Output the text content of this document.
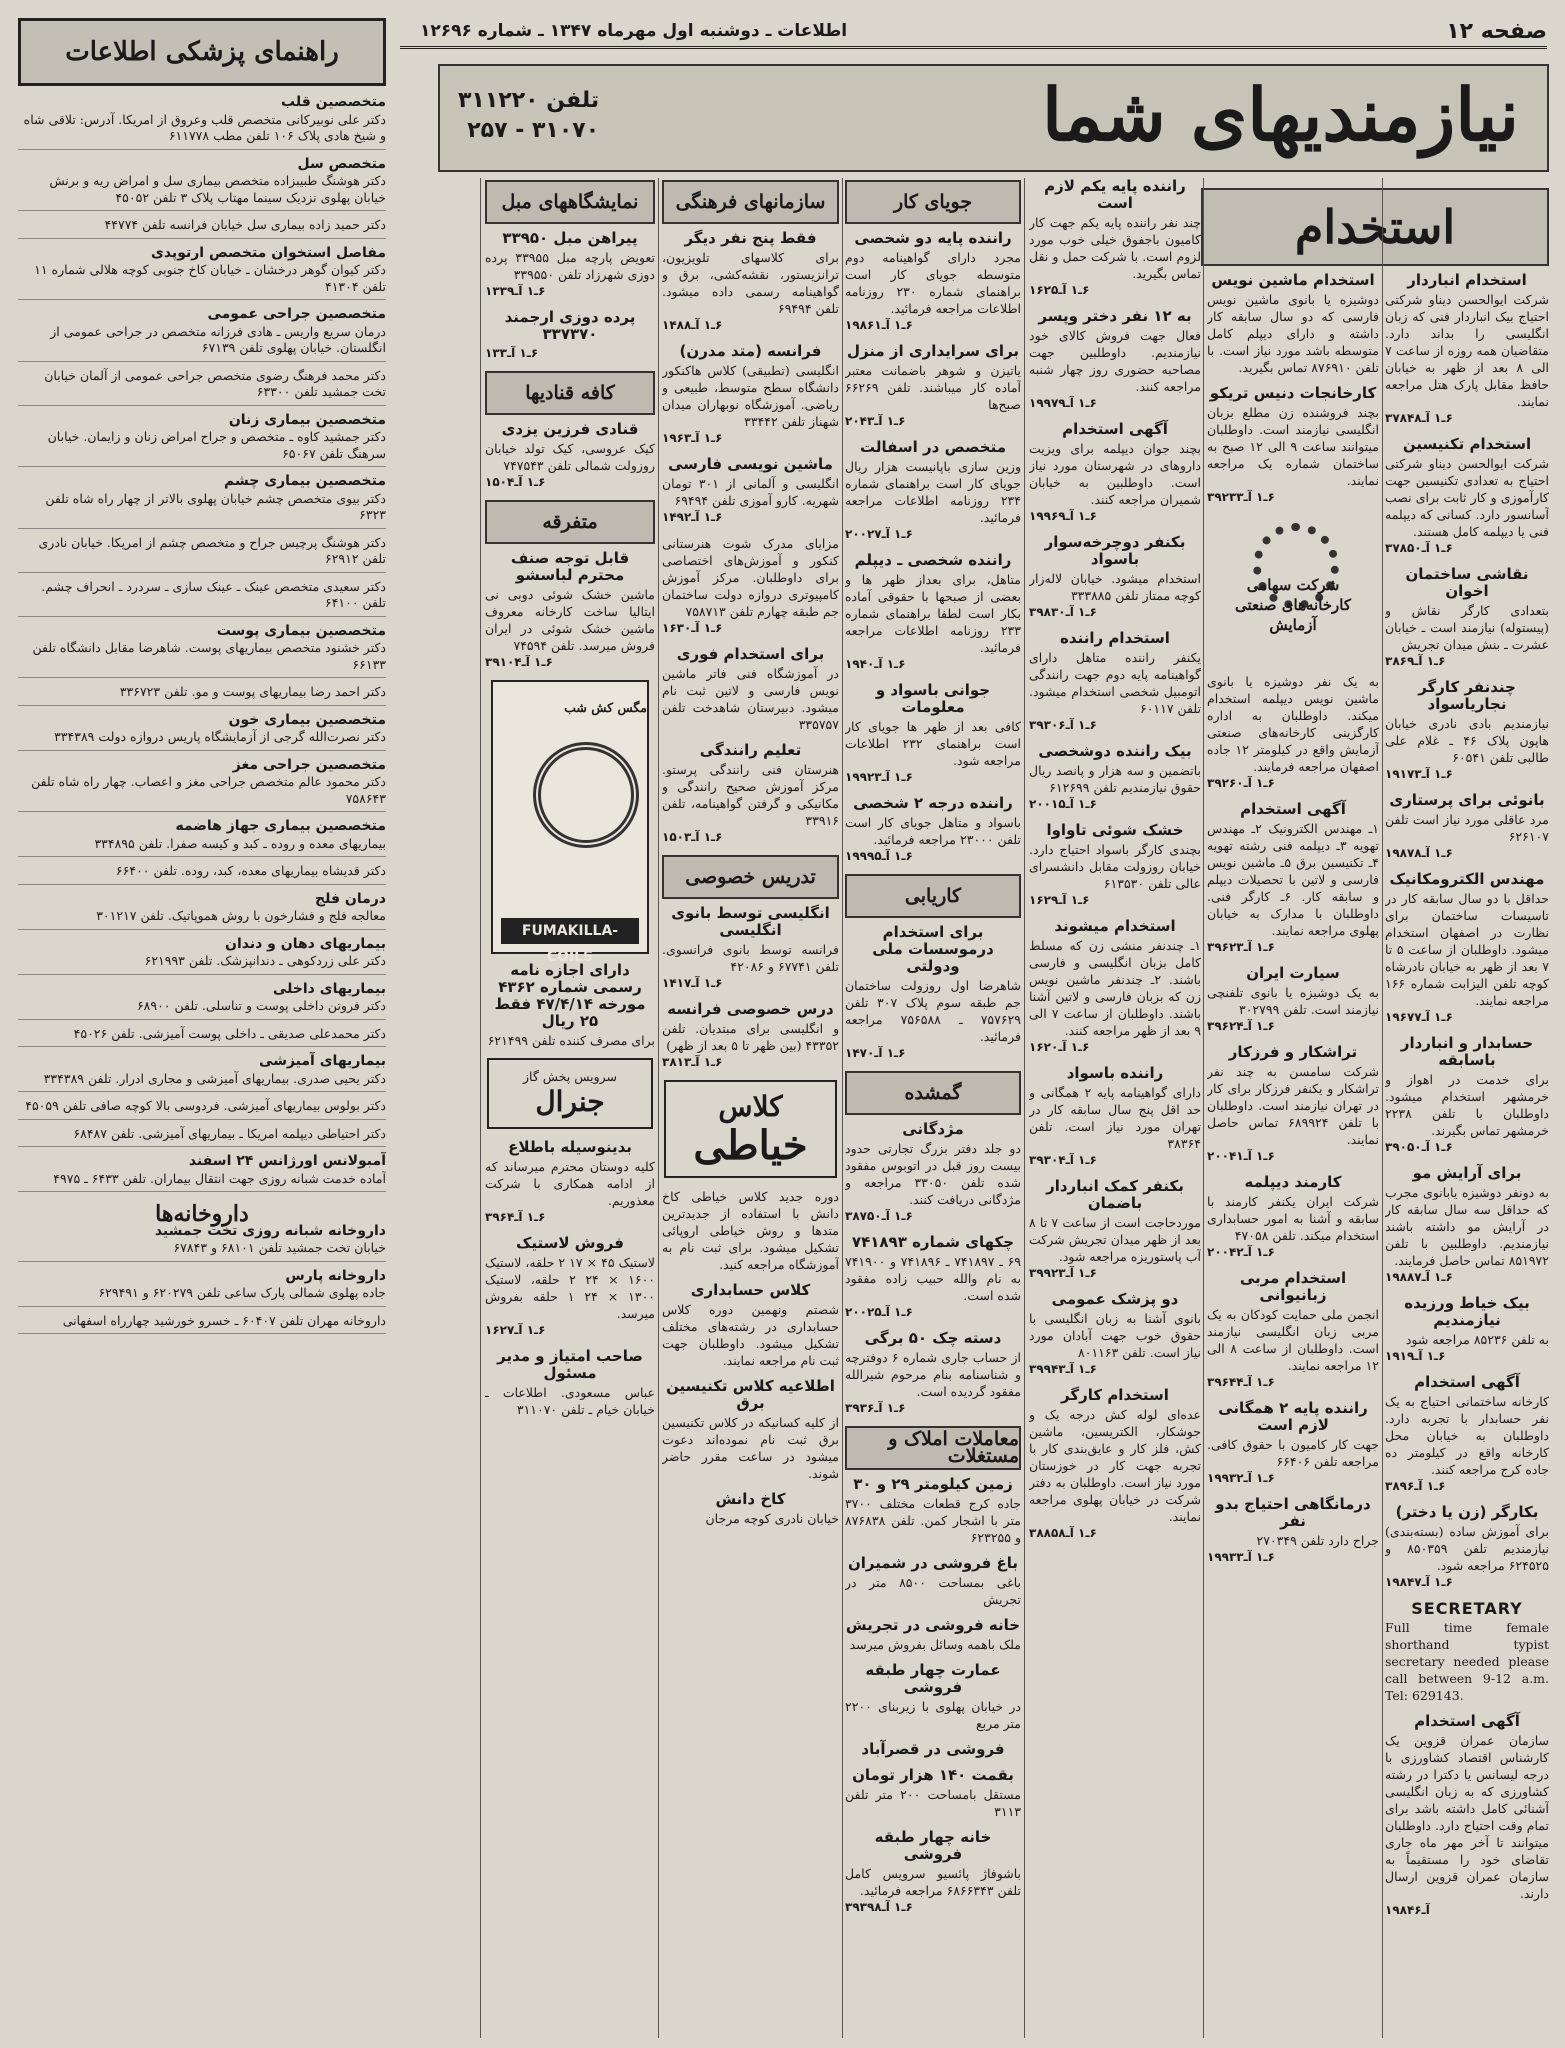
صفحه ۱۲
اطلاعات ـ دوشنبه اول مهرماه ۱۳۴۷ ـ شماره ۱۲۶۹۶
نیازمندیهای شما
تلفن ۳۱۱۲۲۰
۳۱۰۷۰ - ۲۵۷
استخدام
استخدام انباردار

شرکت ایوالحسن دیناو شرکتی احتیاج بیک انباردار فنی که زبان انگلیسی را بداند دارد. متقاضیان همه روزه از ساعت ۷ الی ۸ بعد از ظهر به خیابان حافظ مقابل پارک هتل مراجعه نمایند.

۶ـ۱ آـ۳۷۸۴۸
استخدام تکنیسین

شرکت ایوالحسن دیناو شرکتی احتیاج به تعدادی تکنیسین جهت کارآموزی و کار ثابت برای نصب آسانسور دارد. کسانی که دیپلمه فنی یا دیپلمه کامل هستند.

۶ـ۱ آـ۳۷۸۵۰
نقاشی ساختمان اخوان

بتعدادی کارگر نقاش و (پیستوله) نیازمند است ـ خیابان عشرت ـ بنش میدان تجریش

۶ـ۱ آـ۳۸۶۹
چندنفر کارگر نجاریاسواد

نیازمندیم بادی نادری خیابان هاپون پلاک ۴۶ ـ غلام علی طالبی تلفن ۶۰۵۴۱

۶ـ۱ آـ۱۹۱۷۳
بانوئی برای پرستاری

مرد عاقلی مورد نیاز است تلفن ۶۲۶۱۰۷

۶ـ۱ آـ۱۹۸۷۸
مهندس الکترومکانیک

حداقل با دو سال سابقه کار در تاسیسات ساختمان برای نظارت در اصفهان استخدام میشود. داوطلبان از ساعت ۵ تا ۷ بعد از ظهر به خیابان نادرشاه کوچه تلفن الیزابت شماره ۱۶۶ مراجعه نمایند.

۶ـ۱ آـ۱۹۶۷۷
حسابدار و انباردار باسابقه

برای خدمت در اهواز و خرمشهر استخدام میشود. داوطلبان با تلفن ۲۲۳۸ خرمشهر تماس بگیرند.

۶ـ۱ آـ۳۹۰۵۰
برای آرایش مو

به دونفر دوشیزه یابانوی مجرب که حداقل سه سال سابقه کار در آرایش مو داشته باشند نیازمندیم. داوطلبین با تلفن ۸۵۱۹۷۲ تماس حاصل فرمایند.

۶ـ۱ آـ۱۹۸۸۷
بیک خیاط ورزیده نیازمندیم

به تلفن ۸۵۲۳۶ مراجعه شود

۶ـ۱ آـ۱۹۱۹
آگهی استخدام

کارخانه ساختمانی احتیاج به یک نفر حسابدار با تجربه دارد. داوطلبان به خیابان محل کارخانه واقع در کیلومتر ده جاده کرج مراجعه کنند.

۶ـ۱ آـ۳۸۹۶
بکارگر (زن یا دختر)

برای آموزش ساده (بسته‌بندی) نیازمندیم تلفن ۸۵۰۳۵۹ و ۶۲۴۵۲۵ مراجعه شود.

۶ـ۱ آـ۱۹۸۴۷
SECRETARY

Full time female shorthand typist secretary needed please call between 9-12 a.m. Tel: 629143.

آگهی استخدام

سازمان عمران قزوین یک کارشناس اقتصاد کشاورزی با درجه لیسانس یا دکترا در رشته کشاورزی که به زبان انگلیسی آشنائی کامل داشته باشد برای تمام وقت احتیاج دارد. داوطلبان میتوانند تا آخر مهر ماه جاری تقاضای خود را مستقیماً به سازمان عمران قزوین ارسال دارند.

آـ۱۹۸۴۶
استخدام ماشین نویس

دوشیزه یا بانوی ماشین نویس فارسی که دو سال سابقه کار داشته و دارای دیپلم کامل متوسطه باشد مورد نیاز است. با تلفن ۸۷۶۹۱۰ تماس بگیرید.

کارخانجات دنیس تریکو

بچند فروشنده زن مطلع بزبان انگلیسی نیازمند است. داوطلبان میتوانند ساعت ۹ الی ۱۲ صبح به ساختمان شماره یک مراجعه نمایند.

۶ـ۱ آـ۳۹۲۳۳
شرکت سهامی کارخانه‌های صنعتی آزمایش

به یک نفر دوشیزه یا بانوی ماشین نویس دیپلمه استخدام میکند. داوطلبان به اداره کارگزینی کارخانه‌های صنعتی آزمایش واقع در کیلومتر ۱۲ جاده اصفهان مراجعه فرمایند.

۶ـ۱ آـ۳۹۲۶۰
آگهی استخدام

۱ـ مهندس الکترونیک ۲ـ مهندس تهویه ۳ـ دیپلمه فنی رشته تهویه ۴ـ تکنیسین برق ۵ـ ماشین نویس فارسی و لاتین با تحصیلات دیپلم و سابقه کار. ۶ـ کارگر فنی. داوطلبان با مدارک به خیابان پهلوی مراجعه نمایند.

۶ـ۱ آـ۳۹۶۲۳
سیارت ایران

به یک دوشیزه یا بانوی تلفنچی نیازمند است. تلفن ۳۰۲۷۹۹

۶ـ۱ آـ۳۹۶۲۴
تراشکار و فرزکار

شرکت سامسن به چند نفر تراشکار و یکنفر فرزکار برای کار در تهران نیازمند است. داوطلبان با تلفن ۶۸۹۹۲۴ تماس حاصل نمایند.

۶ـ۱ آـ۲۰۰۴۱
کارمند دیپلمه

شرکت ایران یکنفر کارمند با سابقه و آشنا به امور حسابداری استخدام میکند. تلفن ۴۷۰۵۸

۶ـ۱ آـ۲۰۰۴۲
استخدام مربی زبانیوانی

انجمن ملی حمایت کودکان به یک مربی زبان انگلیسی نیازمند است. داوطلبان از ساعت ۸ الی ۱۲ مراجعه نمایند.

۶ـ۱ آـ۳۹۶۴۴
راننده پایه ۲ همگانی لازم است

جهت کار کامیون با حقوق کافی. مراجعه تلفن ۶۶۴۰۶

۶ـ۱ آـ۱۹۹۳۲
درمانگاهی احتیاج بدو نفر

جراح دارد تلفن ۲۷۰۳۴۹

۶ـ۱ آـ۱۹۹۳۳
راننده پایه یکم لازم است

چند نفر راننده پایه یکم جهت کار کامیون باجفوق خیلی خوب مورد لزوم است. با شرکت حمل و نقل تماس بگیرید.

۶ـ۱ آـ۱۶۲۵
به ۱۲ نفر دختر وپسر

فعال جهت فروش کالای خود نیازمندیم. داوطلبین جهت مصاحبه حضوری روز چهار شنبه مراجعه کنند.

۶ـ۱ آـ۱۹۹۷۹
آگهی استخدام

بچند جوان دیپلمه برای ویزیت داروهای در شهرستان مورد نیاز است. داوطلبین به خیابان شمیران مراجعه کنند.

۶ـ۱ آـ۱۹۹۶۹
بکنفر دوچرخه‌سوار باسواد

استخدام میشود. خیابان لاله‌زار کوچه ممتاز تلفن ۳۳۳۸۸۵

۶ـ۱ آـ۳۹۸۳۰
استخدام راننده

یکنفر راننده متاهل دارای گواهینامه پایه دوم جهت رانندگی اتومبیل شخصی استخدام میشود. تلفن ۶۰۱۱۷

۶ـ۱ آـ۳۹۳۰۶
بیک راننده دوشخصی

باتضمین و سه هزار و پانصد ریال حقوق نیازمندیم تلفن ۶۱۲۶۹۹

۶ـ۱ آـ۲۰۰۱۵
خشک شوئی تاواوا

بچندی کارگر باسواد احتیاج دارد. خیابان روزولت مقابل دانشسرای عالی تلفن ۶۱۳۵۳۰

۶ـ۱ آـ۱۶۲۹
استخدام میشوند

۱ـ چندنفر منشی زن که مسلط کامل بزبان انگلیسی و فارسی باشند. ۲ـ چندنفر ماشین نویس زن که بزبان فارسی و لاتین آشنا باشند. داوطلبان از ساعت ۷ الی ۹ بعد از ظهر مراجعه کنند.

۶ـ۱ آـ۱۶۲۰
راننده باسواد

دارای گواهینامه پایه ۲ همگانی و حد اقل پنج سال سابقه کار در تهران مورد نیاز است. تلفن ۳۸۳۶۴

۶ـ۱ آـ۳۹۳۰۴
بکنفر کمک انباردار باضمان

موردحاجت است از ساعت ۷ تا ۸ بعد از ظهر میدان تجریش شرکت آب پاستوریزه مراجعه شود.

۶ـ۱ آـ۳۹۹۲۳
دو پزشک عمومی

بانوی آشنا به زبان انگلیسی با حقوق خوب جهت آبادان مورد نیاز است. تلفن ۸۰۱۱۶۳

۶ـ۱ آـ۳۹۹۴۳
استخدام کارگر

عده‌ای لوله کش درجه یک و جوشکار، الکتریسین، ماشین کش، فلز کار و عایق‌بندی کار با تجربه جهت کار در خوزستان مورد نیاز است. داوطلبان به دفتر شرکت در خیابان پهلوی مراجعه نمایند.

۶ـ۱ آـ۳۸۸۵۸
جویای کار
راننده پایه دو شخصی

مجرد دارای گواهینامه دوم متوسطه جویای کار است براهنمای شماره ۲۳۰ روزنامه اطلاعات مراجعه فرمائید.

۶ـ۱ آـ۱۹۸۶۱
برای سرایداری از منزل

یاتیزن و شوهر باضمانت معتبر آماده کار میباشند. تلفن ۶۶۲۶۹ صبح‌ها

۶ـ۱ آـ۲۰۴۳
متخصص در اسفالت

وزین سازی باپانیست هزار ریال جویای کار است براهنمای شماره ۲۳۴ روزنامه اطلاعات مراجعه فرمائید.

۶ـ۱ آـ۲۰۰۲۷
راننده شخصی ـ دیپلم

متاهل، برای بعداز ظهر ها و بعضی از صبحها با حقوقی آماده بکار است لطفا براهنمای شماره ۲۳۳ روزنامه اطلاعات مراجعه فرمائید.

۶ـ۱ آـ۱۹۴۰
جوانی باسواد و معلومات

کافی بعد از ظهر ها جویای کار است براهنمای ۲۳۲ اطلاعات مراجعه شود.

۶ـ۱ آـ۱۹۹۲۳
راننده درجه ۲ شخصی

باسواد و متاهل جویای کار است تلفن ۲۳۰۰۰ مراجعه فرمائید.

۶ـ۱ آـ۱۹۹۹۵
کاریابی
برای استخدام درموسسات ملی ودولتی

شاهرضا اول روزولت ساختمان جم طبقه سوم پلاک ۳۰۷ تلفن ۷۵۷۶۲۹ ـ ۷۵۶۵۸۸ مراجعه فرمائید.

۶ـ۱ آـ۱۴۷۰
گمشده
مژدگانی

دو جلد دفتر بزرگ تجارتی حدود بیست روز قبل در اتوبوس مفقود شده تلفن ۳۳۰۵۰ مراجعه و مژدگانی دریافت کنند.

۶ـ۱ آـ۳۸۷۵۰
چکهای شماره ۷۴۱۸۹۳

۶۹ ـ ۷۴۱۸۹۷ ـ ۷۴۱۸۹۶ و ۷۴۱۹۰۰ به نام والله حبیب زاده مفقود شده است.

۶ـ۱ آـ۲۰۰۲۵
دسته چک ۵۰ برگی

از حساب جاری شماره ۶ دوفترچه و شناسنامه بنام مرحوم شیرالله مفقود گردیده است.

۶ـ۱ آـ۳۹۳۶
معاملات املاک و مستغلات
زمین کیلومتر ۲۹ و ۳۰

جاده کرج قطعات مختلف ۳۷۰۰ متر با اشجار کمن. تلفن ۸۷۶۸۳۸ و ۶۲۳۲۵۵

باغ فروشی در شمیران

باغی بمساحت ۸۵۰۰ متر در تجریش

خانه فروشی در تجریش

ملک باهمه وسائل بفروش میرسد

عمارت چهار طبقه فروشی

در خیابان پهلوی با زیربنای ۲۲۰۰ متر مربع

فروشی در قصرآباد
بقمت ۱۴۰ هزار تومان

مستقل بامساحت ۲۰۰ متر تلفن ۳۱۱۳

خانه چهار طبقه فروشی

باشوفاژ پائسیو سرویس کامل تلفن ۶۸۶۶۳۴۳ مراجعه فرمائید.

۶ـ۱ آـ۳۹۳۹۸
سازمانهای فرهنگی
فقط پنج نفر دیگر

برای کلاسهای تلویزیون، ترانزیستور، نقشه‌کشی، برق و گواهینامه رسمی داده میشود. تلفن ۶۹۴۹۴

۶ـ۱ آـ۱۴۸۸
فرانسه (متد مدرن)

انگلیسی (تطبیقی) کلاس هاکنکور دانشگاه سطح متوسط، طبیعی و ریاضی. آموزشگاه نوبهاران میدان شهناز تلفن ۳۳۴۴۲

۶ـ۱ آـ۱۹۶۳
ماشین نویسی فارسی

انگلیسی و آلمانی از ۳۰۱ تومان شهریه. کارو آموزی تلفن ۶۹۴۹۴

۶ـ۱ آـ۱۴۹۲

مزایای مدرک شوت هنرستانی کنکور و آموزش‌های اختصاصی برای داوطلبان. مرکز آموزش کامپیوتری دروازه دولت ساختمان جم طبقه چهارم تلفن ۷۵۸۷۱۳

۶ـ۱ آـ۱۶۳۰
برای استخدام فوری

در آموزشگاه فنی فاتر ماشین نویس فارسی و لاتین ثبت نام میشود. دبیرستان شاهدخت تلفن ۳۳۵۷۵۷

تعلیم رانندگی

هنرستان فنی رانندگی پرستو. مرکز آموزش صحیح رانندگی و مکانیکی و گرفتن گواهینامه، تلفن ۳۳۹۱۶

۶ـ۱ آـ۱۵۰۳
تدریس خصوصی
انگلیسی توسط بانوی انگلیسی

فرانسه توسط بانوی فرانسوی. تلفن ۶۷۷۴۱ و ۴۲۰۸۶

۶ـ۱ آـ۱۴۱۷
درس خصوصی فرانسه

و انگلیسی برای مبتدیان. تلفن ۴۳۳۵۲ (بین ظهر تا ۵ بعد از ظهر)

۶ـ۱ آـ۳۸۱۳
کلاس
خیاطی

دوره جدید کلاس خیاطی کاخ دانش با استفاده از جدیدترین متدها و روش خیاطی اروپائی تشکیل میشود. برای ثبت نام به آموزشگاه مراجعه کنید.

کلاس حسابداری

شصتم ونهمین دوره کلاس حسابداری در رشته‌های مختلف تشکیل میشود. داوطلبان جهت ثبت نام مراجعه نمایند.

اطلاعیه کلاس تکنیسین برق

از کلیه کسانیکه در کلاس تکنیسین برق ثبت نام نموده‌اند دعوت میشود در ساعت مقرر حاضر شوند.

کاخ دانش

خیابان نادری کوچه مرجان

نمایشگاههای مبل
پیراهن مبل ۳۳۹۵۰

تعویض پارچه مبل ۳۳۹۵۵ پرده دوزی شهرزاد تلفن ۳۳۹۵۵۰

۶ـ۱ آـ۱۳۳۹
پرده دوزی ارجمند ۳۳۷۳۷۰
۶ـ۱ آـ۱۳۳
کافه قنادیها
قنادی فرزین یزدی

کیک عروسی، کیک تولد خیابان روزولت شمالی تلفن ۷۴۷۵۴۳

۶ـ۱ آـ۱۵۰۴
متفرقه
قابل توجه صنف محترم لباسشو

ماشین خشک شوئی دوبی نی ایتالیا ساخت کارخانه معروف ماشین خشک شوئی در ایران فروش میرسد. تلفن ۷۴۵۹۴

۶ـ۱ آـ۳۹۱۰۴
مگس کش شب
FUMAKILLA-COILS
دارای اجازه نامه رسمی شماره ۴۳۶۲ مورخه ۴۷/۴/۱۴ فقط ۲۵ ریال

برای مصرف کننده تلفن ۶۲۱۴۹۹

سرویس پخش گاز
جنرال
بدینوسیله باطلاع

کلیه دوستان محترم میرساند که از ادامه همکاری با شرکت معذوریم.

۶ـ۱ آـ۳۹۶۴
فروش لاستیک

لاستیک ۴۵ × ۱۷ ۲ حلقه، لاستیک ۱۶۰۰ × ۲۴ ۲ حلقه، لاستیک ۱۳۰۰ × ۲۴ ۱ حلقه بفروش میرسد.

۶ـ۱ آـ۱۶۲۷
صاحب امتیاز و مدیر مسئول

عباس مسعودی. اطلاعات ـ خیابان خیام ـ تلفن ۳۱۱۰۷۰

راهنمای پزشکی اطلاعات
متخصصین قلب

دکتر علی نوبیرکانی متخصص قلب وعروق از امریکا. آدرس: تلاقی شاه و شیخ هادی پلاک ۱۰۶ تلفن مطب ۶۱۱۷۷۸

متخصص سل

دکتر هوشنگ طبیبزاده متخصص بیماری سل و امراض ریه و برنش خیابان پهلوی نزدیک سینما مهتاب پلاک ۳ تلفن ۴۵۰۵۲

دکتر حمید زاده بیماری سل خیابان فرانسه تلفن ۴۴۷۷۴

مفاصل استخوان متخصص ارتوپدی

دکتر کیوان گوهر درخشان ـ خیابان کاخ جنوبی کوچه هلالی شماره ۱۱ تلفن ۴۱۳۰۴

متخصصین جراحی عمومی

درمان سریع واریس ـ هادی فرزانه متخصص در جراحی عمومی از انگلستان. خیابان پهلوی تلفن ۶۷۱۳۹

دکتر محمد فرهنگ رضوی متخصص جراحی عمومی از آلمان خیابان تخت جمشید تلفن ۶۳۳۰۰

متخصصین بیماری زنان

دکتر جمشید کاوه ـ متخصص و جراح امراض زنان و زایمان. خیابان سرهنگ تلفن ۶۵۰۶۷

متخصصین بیماری چشم

دکتر بیوی متخصص چشم خیابان پهلوی بالاتر از چهار راه شاه تلفن ۶۳۲۳

دکتر هوشنگ پرچیس جراح و متخصص چشم از امریکا. خیابان نادری تلفن ۶۲۹۱۲

دکتر سعیدی متخصص عینک ـ عینک سازی ـ سردرد ـ انحراف چشم. تلفن ۶۴۱۰۰

متخصصین بیماری پوست

دکتر خشنود متخصص بیماریهای پوست. شاهرضا مقابل دانشگاه تلفن ۶۶۱۳۳

دکتر احمد رضا بیماریهای پوست و مو. تلفن ۳۳۶۷۲۳

متخصصین بیماری خون

دکتر نصرت‌الله گرجی از آزمایشگاه پاریس دروازه دولت ۳۳۴۳۸۹

متخصصین جراحی مغز

دکتر محمود عالم متخصص جراحی مغز و اعصاب. چهار راه شاه تلفن ۷۵۸۶۴۳

متخصصین بیماری جهاز هاضمه

بیماریهای معده و روده ـ کبد و کیسه صفرا. تلفن ۳۳۴۸۹۵

دکتر قدیشاه بیماریهای معده، کبد، روده. تلفن ۶۶۴۰۰

درمان فلج

معالجه فلج و فشارخون با روش هموپاتیک. تلفن ۳۰۱۲۱۷

بیماریهای دهان و دندان

دکتر علی زردکوهی ـ دندانپزشک. تلفن ۶۲۱۹۹۳

بیماریهای داخلی

دکتر فروتن داخلی پوست و تناسلی. تلفن ۶۸۹۰۰

دکتر محمدعلی صدیقی ـ داخلی پوست آمیزشی. تلفن ۴۵۰۲۶

بیماریهای آمیزشی

دکتر یحیی صدری. بیماریهای آمیزشی و مجاری ادرار. تلفن ۳۳۴۳۸۹

دکتر بولوس بیماریهای آمیزشی. فردوسی بالا کوچه صافی تلفن ۴۵۰۵۹

دکتر احتیاطی دیپلمه امریکا ـ بیماریهای آمیزشی. تلفن ۶۸۴۸۷

آمبولانس اورژانس ۲۴ اسفند

آماده خدمت شبانه روزی جهت انتقال بیماران. تلفن ۶۴۳۳ ـ ۴۹۷۵

داروخانه‌ها
داروخانه شبانه روزی تخت جمشید

خیابان تخت جمشید تلفن ۶۸۱۰۱ و ۶۷۸۴۳

داروخانه پارس

جاده پهلوی شمالی پارک ساعی تلفن ۶۲۰۲۷۹ و ۶۲۹۴۹۱

داروخانه مهران تلفن ۶۰۴۰۷ ـ خسرو خورشید چهارراه اسفهانی
